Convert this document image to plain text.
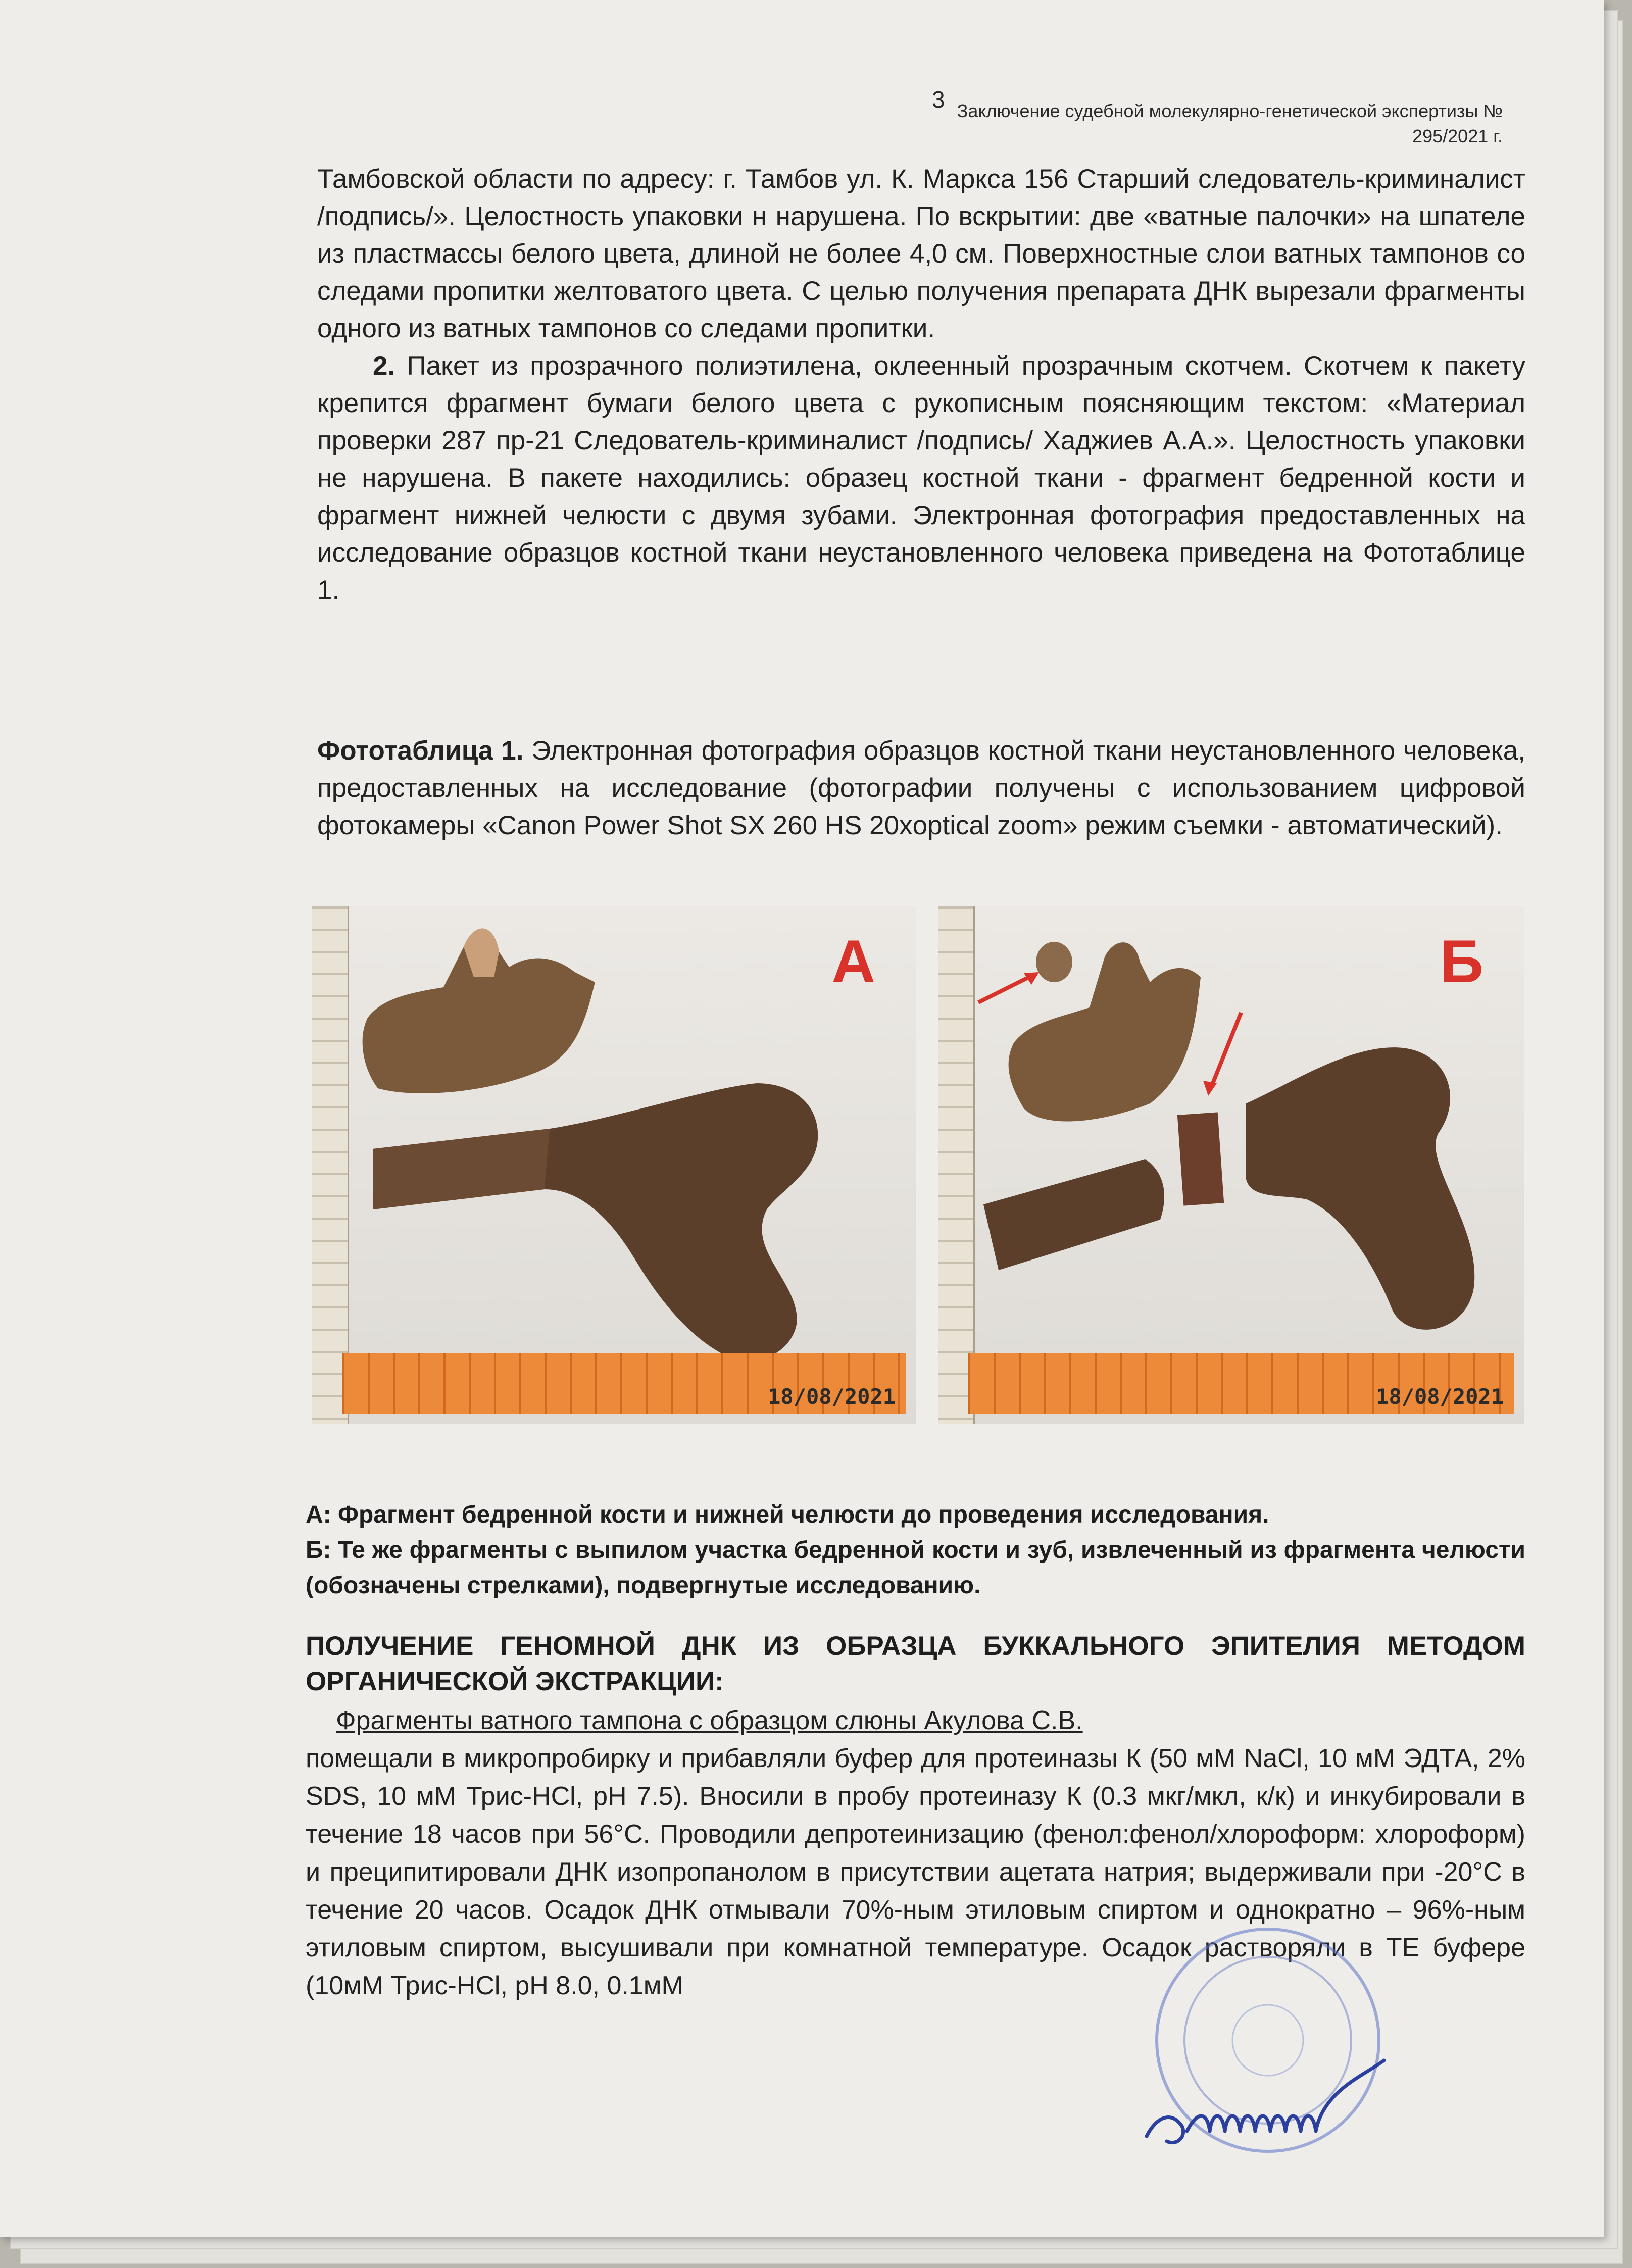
3 Заключение судебной молекулярно-генетической экспертизы № 295/2021 г.

Тамбовской области по адресу: г. Тамбов ул. К. Маркса 156 Старший следователь-криминалист /подпись/». Целостность упаковки н нарушена. По вскрытии: две «ватные палочки» на шпателе из пластмассы белого цвета, длиной не более 4,0 см. Поверхностные слои ватных тампонов со следами пропитки желтоватого цвета. С целью получения препарата ДНК вырезали фрагменты одного из ватных тампонов со следами пропитки.

2. Пакет из прозрачного полиэтилена, оклеенный прозрачным скотчем. Скотчем к пакету крепится фрагмент бумаги белого цвета с рукописным поясняющим текстом: «Материал проверки 287 пр-21 Следователь-криминалист /подпись/ Хаджиев А.А.». Целостность упаковки не нарушена. В пакете находились: образец костной ткани - фрагмент бедренной кости и фрагмент нижней челюсти с двумя зубами. Электронная фотография предоставленных на исследование образцов костной ткани неустановленного человека приведена на Фототаблице 1.

Фототаблица 1. Электронная фотография образцов костной ткани неустановленного человека, предоставленных на исследование (фотографии получены с использованием цифровой фотокамеры «Canon Power Shot SX 260 HS 20xoptical zoom» режим съемки - автоматический).

18/08/2021
А
18/08/2021
Б

А: Фрагмент бедренной кости и нижней челюсти до проведения исследования.

Б: Те же фрагменты с выпилом участка бедренной кости и зуб, извлеченный из фрагмента челюсти (обозначены стрелками), подвергнутые исследованию.

ПОЛУЧЕНИЕ ГЕНОМНОЙ ДНК ИЗ ОБРАЗЦА БУККАЛЬНОГО ЭПИТЕЛИЯ МЕТОДОМ ОРГАНИЧЕСКОЙ ЭКСТРАКЦИИ:

Фрагменты ватного тампона с образцом слюны Акулова С.В.

помещали в микропробирку и прибавляли буфер для протеиназы К (50 мМ NaCl, 10 мМ ЭДТА, 2% SDS, 10 мМ Трис-HCl, pH 7.5). Вносили в пробу протеиназу К (0.3 мкг/мкл, к/к) и инкубировали в течение 18 часов при 56°С. Проводили депротеинизацию (фенол:фенол/хлороформ: хлороформ) и преципитировали ДНК изопропанолом в присутствии ацетата натрия; выдерживали при -20°С в течение 20 часов. Осадок ДНК отмывали 70%-ным этиловым спиртом и однократно – 96%-ным этиловым спиртом, высушивали при комнатной температуре. Осадок растворяли в ТЕ буфере (10мМ Трис-HCl, pH 8.0, 0.1мМ
